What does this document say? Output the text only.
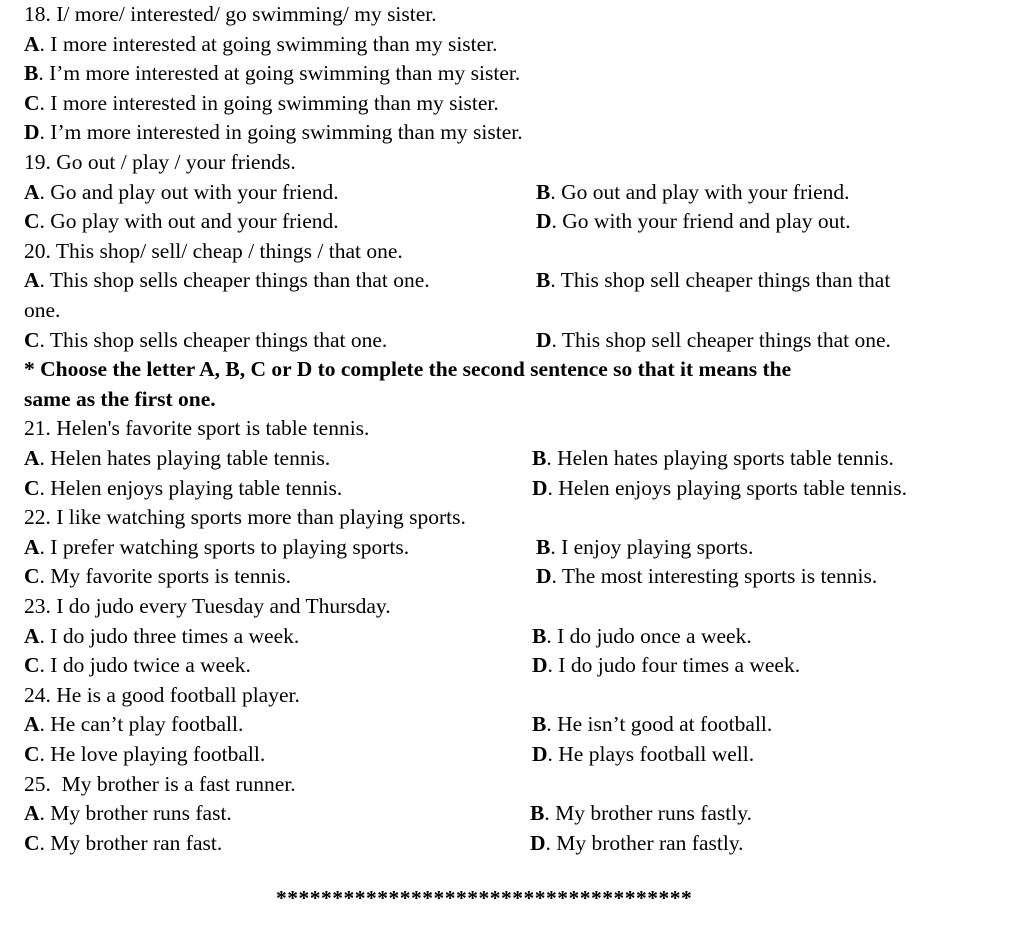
18. I/ more/ interested/ go swimming/ my sister.
A. I more interested at going swimming than my sister.
B. I’m more interested at going swimming than my sister.
C. I more interested in going swimming than my sister.
D. I’m more interested in going swimming than my sister.
19. Go out / play / your friends.
A. Go and play out with your friend.	B. Go out and play with your friend.
C. Go play with out and your friend.	D. Go with your friend and play out.
20. This shop/ sell/ cheap / things / that one.
A. This shop sells cheaper things than that one.	B. This shop sell cheaper things than that
one.
C. This shop sells cheaper things that one.	D. This shop sell cheaper things that one.
* Choose the letter A, B, C or D to complete the second sentence so that it means the
same as the first one.
21. Helen's favorite sport is table tennis.
A. Helen hates playing table tennis.	B. Helen hates playing sports table tennis.
C. Helen enjoys playing table tennis.	D. Helen enjoys playing sports table tennis.
22. I like watching sports more than playing sports.
A. I prefer watching sports to playing sports.	B. I enjoy playing sports.
C. My favorite sports is tennis.	D. The most interesting sports is tennis.
23. I do judo every Tuesday and Thursday.
A. I do judo three times a week.	B. I do judo once a week.
C. I do judo twice a week.	D. I do judo four times a week.
24. He is a good football player.
A. He can’t play football.	B. He isn’t good at football.
C. He love playing football.	D. He plays football well.
25.  My brother is a fast runner.
A. My brother runs fast.	B. My brother runs fastly.
C. My brother ran fast.	D. My brother ran fastly.
*************************************
